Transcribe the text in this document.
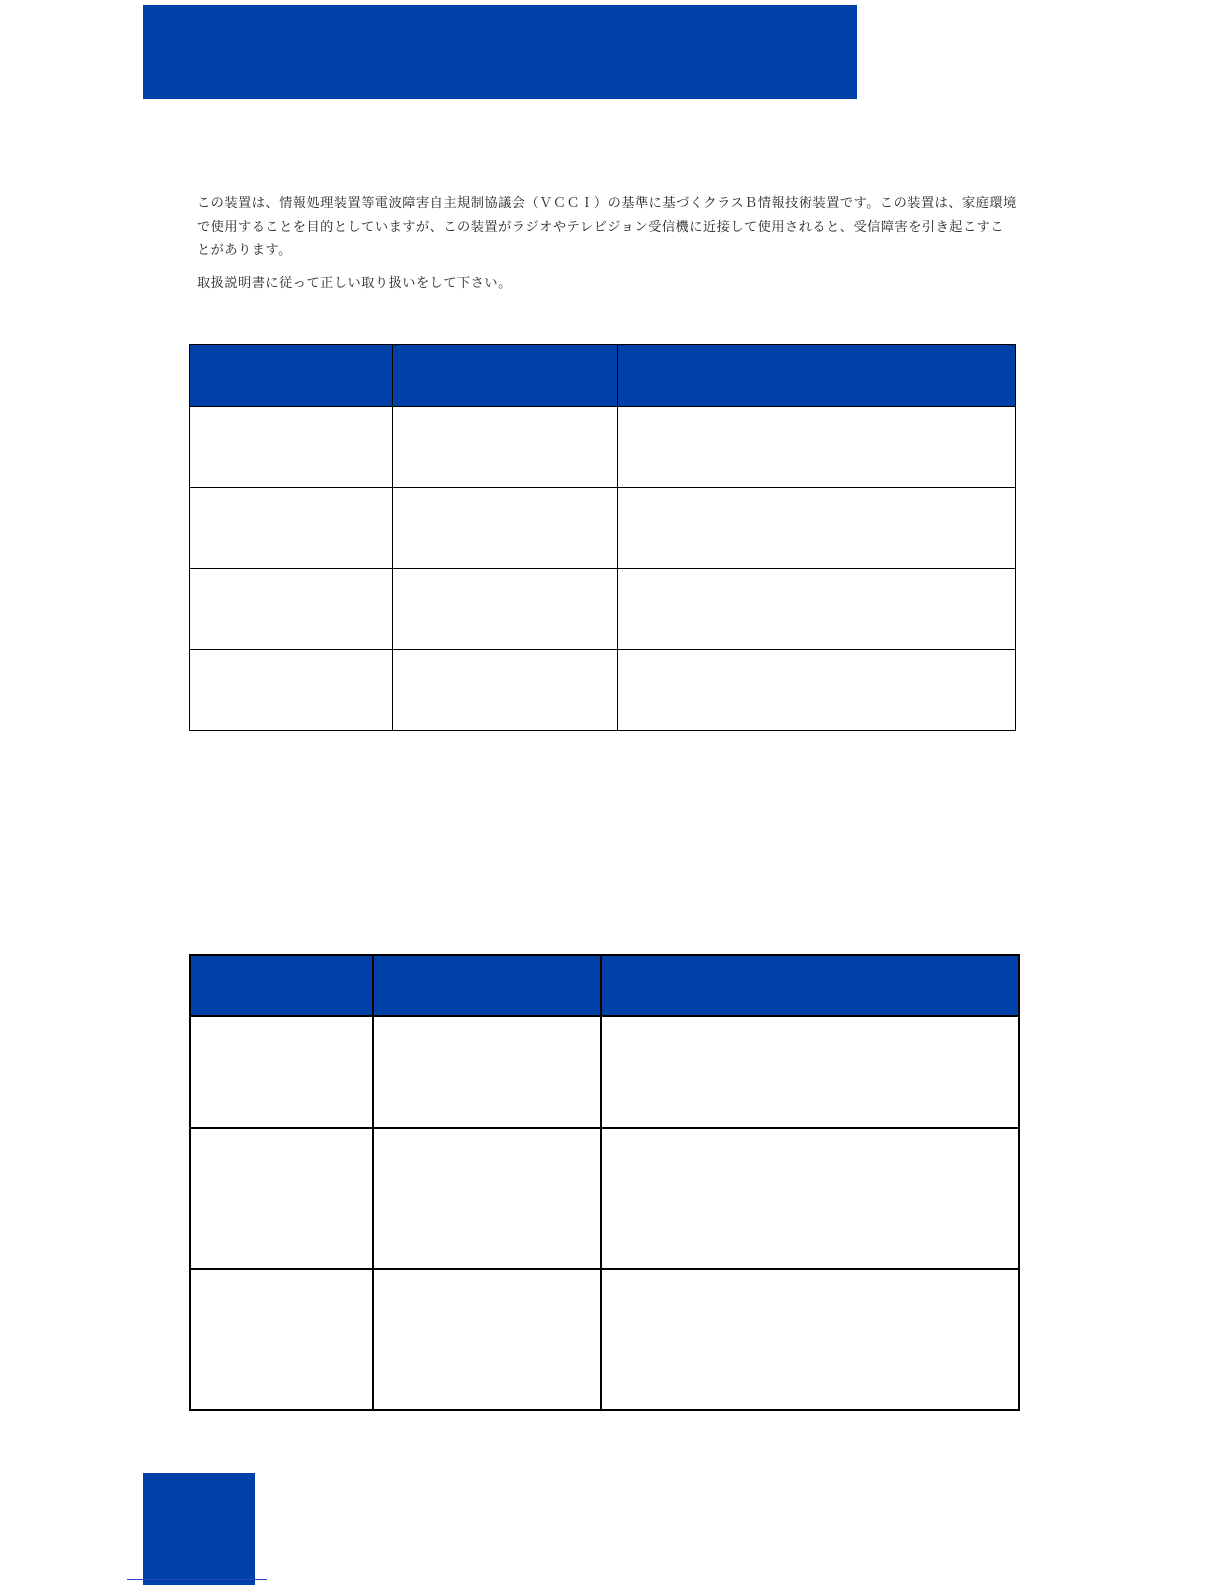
この装置は、情報処理装置等電波障害自主規制協議会（ＶＣＣＩ）の基準に基づくクラスＢ情報技術装置です。この装置は、家庭環境で使用することを目的としていますが、この装置がラジオやテレビジョン受信機に近接して使用されると、受信障害を引き起こすことがあります。

取扱説明書に従って正しい取り扱いをして下さい。
